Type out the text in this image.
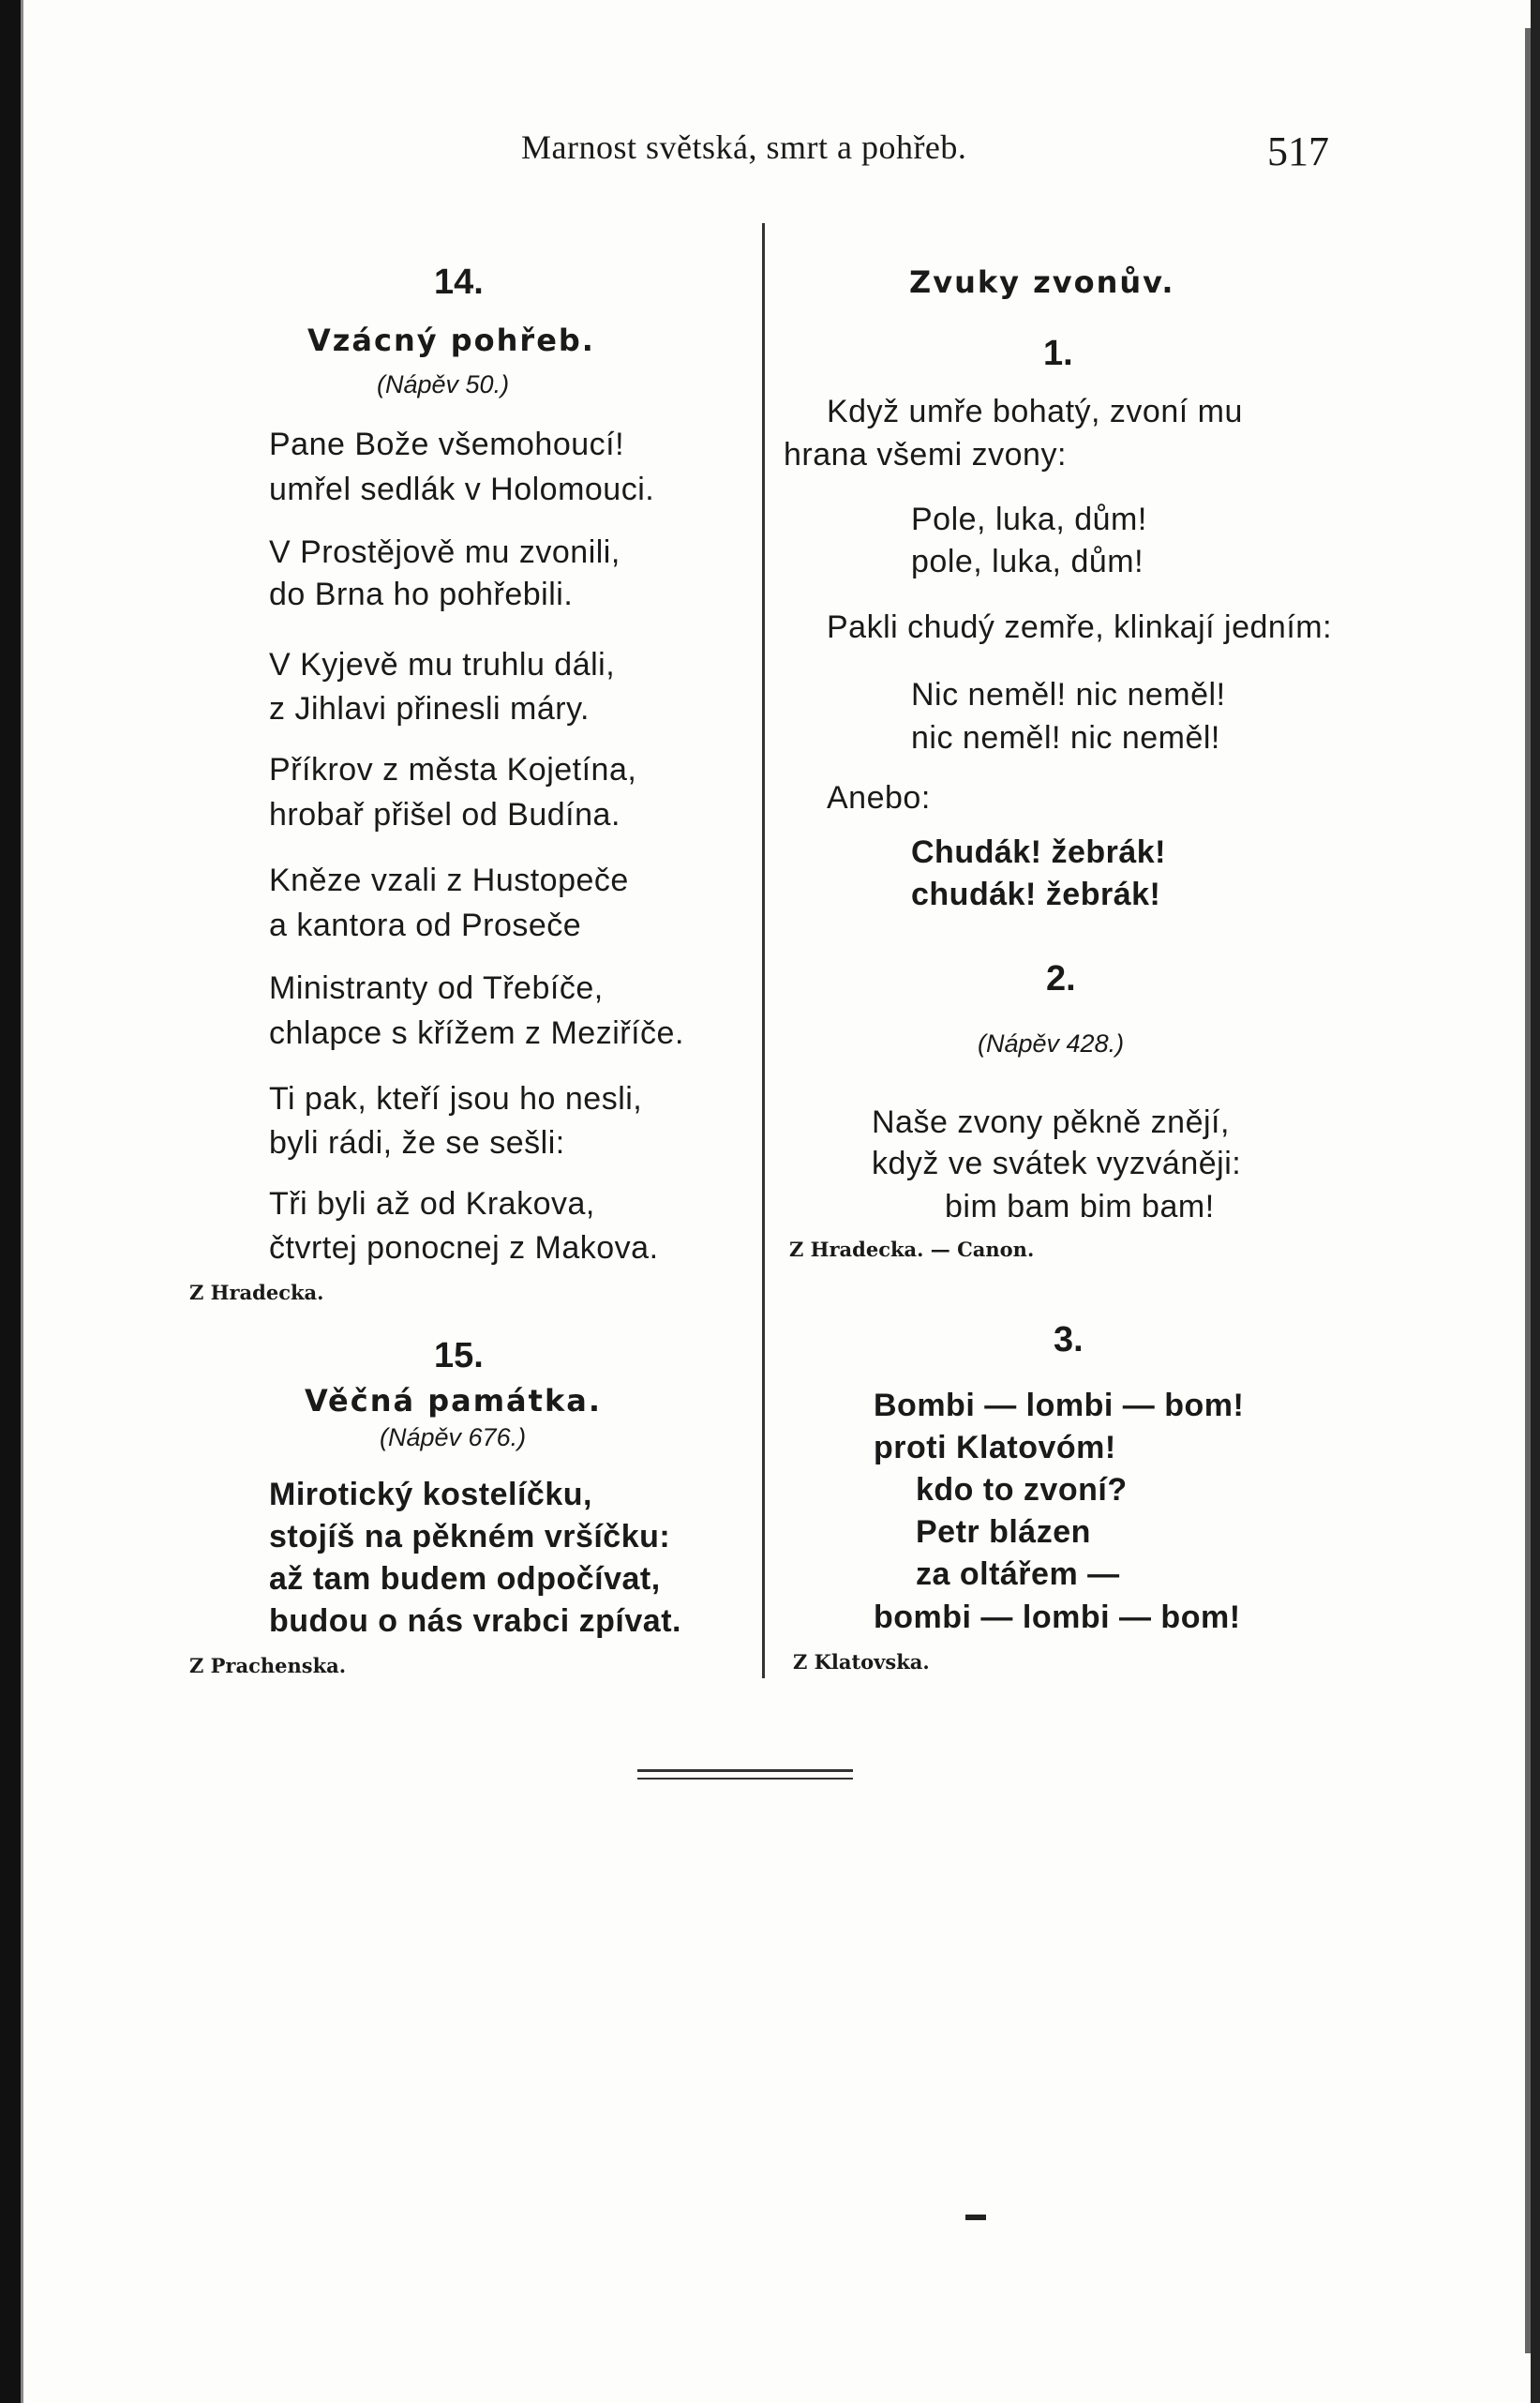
Marnost světská, smrt a pohřeb.	517
14.
Vzácný pohřeb.
(Nápěv 50.)
Pane Bože všemohoucí!
umřel sedlák v Holomouci.
V Prostějově mu zvonili,
do Brna ho pohřebili.
V Kyjevě mu truhlu dáli,
z Jihlavi přinesli máry.
Příkrov z města Kojetína,
hrobař přišel od Budína.
Kněze vzali z Hustopeče
a kantora od Proseče
Ministranty od Třebíče,
chlapce s křížem z Meziříče.
Ti pak, kteří jsou ho nesli,
byli rádi, že se sešli:
Tři byli až od Krakova,
čtvrtej ponocnej z Makova.
Z Hradecka.
15.
Věčná památka.
(Nápěv 676.)
Mirotický kostelíčku,
stojíš na pěkném vršíčku:
až tam budem odpočívat,
budou o nás vrabci zpívat.
Z Prachenska.
Zvuky zvonův.
1.
Když umře bohatý, zvoní mu
hrana všemi zvony:
Pole, luka, dům!
pole, luka, dům!
Pakli chudý zemře, klinkají jedním:
Nic neměl! nic neměl!
nic neměl! nic neměl!
Anebo:
Chudák! žebrák!
chudák! žebrák!
2.
(Nápěv 428.)
Naše zvony pěkně znějí,
když ve svátek vyzváněji:
bim bam bim bam!
Z Hradecka. — Canon.
3.
Bombi — lombi — bom!
proti Klatovóm!
kdo to zvoní?
Petr blázen
za oltářem —
bombi — lombi — bom!
Z Klatovska.
